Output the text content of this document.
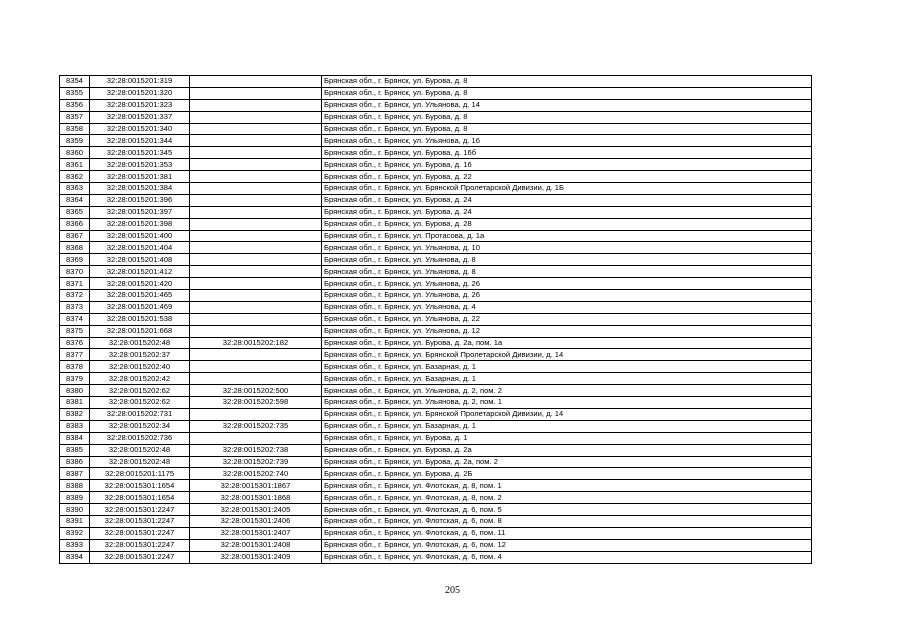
8354	32:28:0015201:319		Брянская обл., г. Брянск, ул. Бурова, д. 8
8355	32:28:0015201:320		Брянская обл., г. Брянск, ул. Бурова, д. 8
8356	32:28:0015201:323		Брянская обл., г. Брянск, ул. Ульянова, д. 14
8357	32:28:0015201:337		Брянская обл., г. Брянск, ул. Бурова, д. 8
8358	32:28:0015201:340		Брянская обл., г. Брянск, ул. Бурова, д. 8
8359	32:28:0015201:344		Брянская обл., г. Брянск, ул. Ульянова, д. 16
8360	32:28:0015201:345		Брянская обл., г. Брянск, ул. Бурова, д. 16б
8361	32:28:0015201:353		Брянская обл., г. Брянск, ул. Бурова, д. 16
8362	32:28:0015201:381		Брянская обл., г. Брянск, ул. Бурова, д. 22
8363	32:28:0015201:384		Брянская обл., г. Брянск, ул. Брянской Пролетарской Дивизии, д. 1Б
8364	32:28:0015201:396		Брянская обл., г. Брянск, ул. Бурова, д. 24
8365	32:28:0015201:397		Брянская обл., г. Брянск, ул. Бурова, д. 24
8366	32:28:0015201:398		Брянская обл., г. Брянск, ул. Бурова, д. 28
8367	32:28:0015201:400		Брянская обл., г. Брянск, ул. Протасова, д. 1а
8368	32:28:0015201:404		Брянская обл., г. Брянск, ул. Ульянова, д. 10
8369	32:28:0015201:408		Брянская обл., г. Брянск, ул. Ульянова, д. 8
8370	32:28:0015201:412		Брянская обл., г. Брянск, ул. Ульянова, д. 8
8371	32:28:0015201:420		Брянская обл., г. Брянск, ул. Ульянова, д. 26
8372	32:28:0015201:465		Брянская обл., г. Брянск, ул. Ульянова, д. 26
8373	32:28:0015201:469		Брянская обл., г. Брянск, ул. Ульянова, д. 4
8374	32:28:0015201:538		Брянская обл., г. Брянск, ул. Ульянова, д. 22
8375	32:28:0015201:668		Брянская обл., г. Брянск, ул. Ульянова, д. 12
8376	32:28:0015202:48	32:28:0015202:182	Брянская обл., г. Брянск, ул. Бурова, д. 2а, пом. 1а
8377	32:28:0015202:37		Брянская обл., г. Брянск, ул. Брянской Пролетарской Дивизии, д. 14
8378	32:28:0015202:40		Брянская обл., г. Брянск, ул. Базарная, д. 1
8379	32:28:0015202:42		Брянская обл., г. Брянск, ул. Базарная, д. 1
8380	32:28:0015202:62	32:28:0015202:500	Брянская обл., г. Брянск, ул. Ульянова, д. 2, пом. 2
8381	32:28:0015202:62	32:28:0015202:598	Брянская обл., г. Брянск, ул. Ульянова, д. 2, пом. 1
8382	32:28:0015202:731		Брянская обл., г. Брянск, ул. Брянской Пролетарской Дивизии, д. 14
8383	32:28:0015202:34	32:28:0015202:735	Брянская обл., г. Брянск, ул. Базарная, д. 1
8384	32:28:0015202:736		Брянская обл., г. Брянск, ул. Бурова, д. 1
8385	32:28:0015202:48	32:28:0015202:738	Брянская обл., г. Брянск, ул. Бурова, д. 2а
8386	32:28:0015202:48	32:28:0015202:739	Брянская обл., г. Брянск, ул. Бурова, д. 2а, пом. 2
8387	32:28:0015201:1175	32:28:0015202:740	Брянская обл., г. Брянск, ул. Бурова, д. 2Б
8388	32:28:0015301:1654	32:28:0015301:1867	Брянская обл., г. Брянск, ул. Флотская, д. 8, пом. 1
8389	32:28:0015301:1654	32:28:0015301:1868	Брянская обл., г. Брянск, ул. Флотская, д. 8, пом. 2
8390	32:28:0015301:2247	32:28:0015301:2405	Брянская обл., г. Брянск, ул. Флотская, д. 6, пом. 5
8391	32:28:0015301:2247	32:28:0015301:2406	Брянская обл., г. Брянск, ул. Флотская, д. 6, пом. 8
8392	32:28:0015301:2247	32:28:0015301:2407	Брянская обл., г. Брянск, ул. Флотская, д. 6, пом. 11
8393	32:28:0015301:2247	32:28:0015301:2408	Брянская обл., г. Брянск, ул. Флотская, д. 6, пом. 12
8394	32:28:0015301:2247	32:28:0015301:2409	Брянская обл., г. Брянск, ул. Флотская, д. 6, пом. 4
205
